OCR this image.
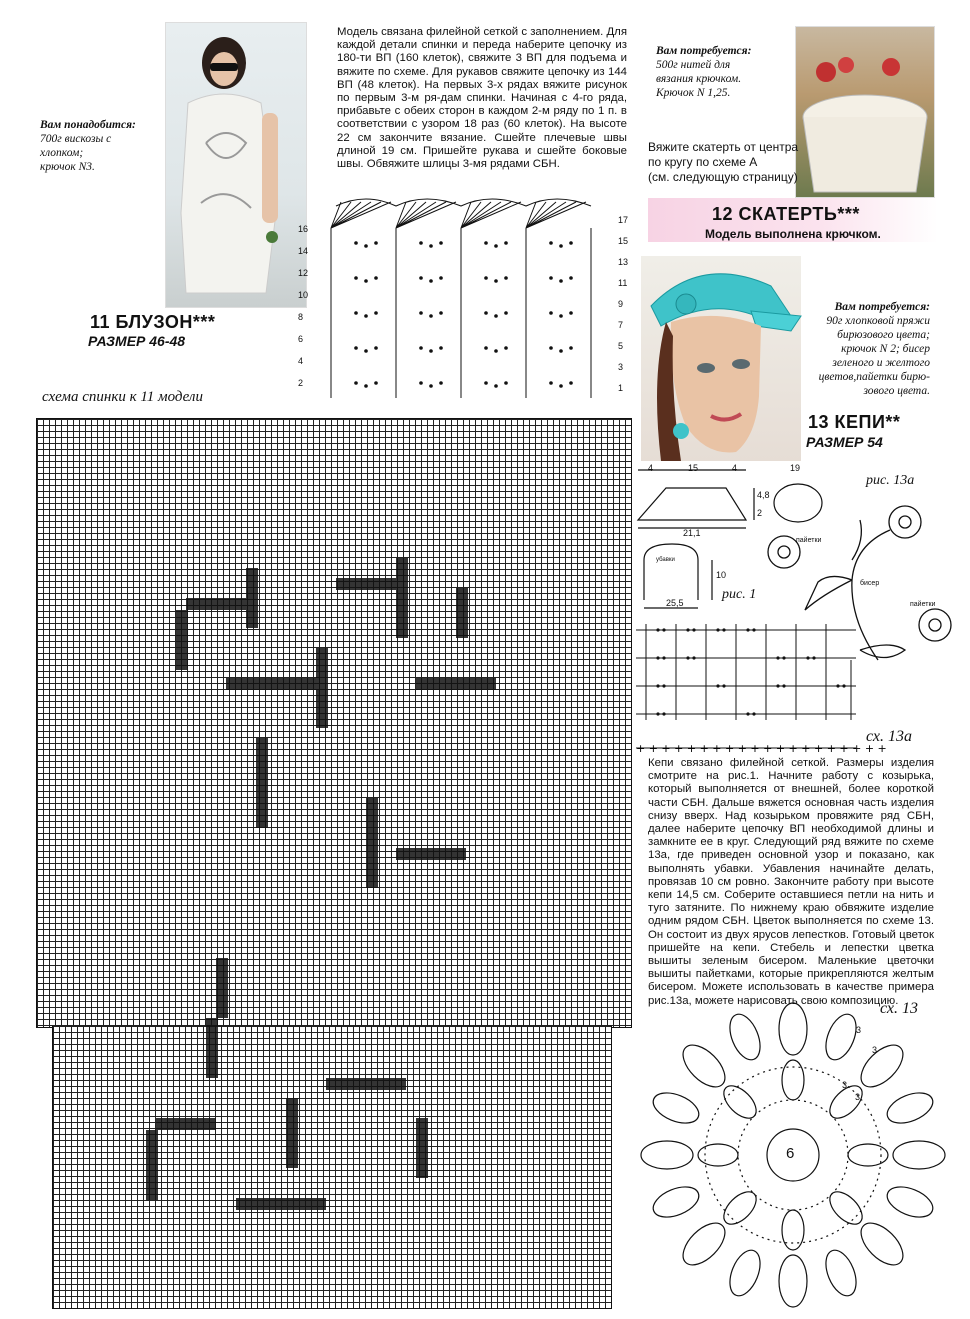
Вам понадобится:
700г вискозы с
хлопком;
крючок N3.
11 БЛУЗОН***
РАЗМЕР 46-48
Модель связана филейной сеткой с заполнением. Для каждой детали спинки и переда наберите цепочку из 180-ти ВП (160 клеток), свяжите 3 ВП для подъема и вяжите по схеме. Для рукавов свяжите цепочку из 144 ВП (48 клеток). На первых 3-х рядах вяжите рисунок по первым 3-м ря-дам спинки. Начиная с 4-го ряда, прибавьте с обеих сторон в каждом 2-м ряду по 1 п. в соответствии с узором 18 раз (60 клеток). На высоте 22 см закончите вязание. Сшейте плечевые швы длиной 19 см. Пришейте рукава и сшейте боковые швы. Обвяжите шлицы 3-мя рядами СБН.
16
14
12
10
8
6
4
2
17
15
13
11
9
7
5
3
1
схема спинки к 11 модели
Вам потребуется:
500г нитей для
вязания крючком.
Крючок N 1,25.
Вяжите скатерть от центра
по кругу по схеме А
(см. следующую страницу)
12 СКАТЕРТЬ***
Модель выполнена крючком.
Вам потребуется:
90г хлопковой пряжи
бирюзового цвета;
крючок N 2; бисер
зеленого и желтого
цветов,пайетки бирю-
зового цвета.
13 КЕПИ**
РАЗМЕР 54
4	15	4	19
4,8
2
21,1
убавки
10
25,5
рис. 13а
рис. 1
пайетки
бисер
пайетки
+ + + + + + + + + + + + + + + + + + + +
сх. 13а
Кепи связано филейной сеткой. Размеры изделия смотрите на рис.1. Начните работу с козырька, который выполняется от внешней, более короткой части СБН. Дальше вяжется основная часть изделия снизу вверх. Над козырьком провяжите ряд СБН, далее наберите цепочку ВП необходимой длины и замкните ее в круг. Следующий ряд вяжите по схеме 13а, где приведен основной узор и показано, как выполнять убавки. Убавления начинайте делать, провязав 10 см ровно. Закончите работу при высоте кепи 14,5 см. Соберите оставшиеся петли на нить и туго затяните. По нижнему краю обвяжите изделие одним рядом СБН. Цветок выполняется по схеме 13. Он состоит из двух ярусов лепестков. Готовый цветок пришейте на кепи. Стебель и лепестки цветка вышиты зеленым бисером. Маленькие цветочки вышиты пайетками, которые прикрепляются желтым бисером. Можете использовать в качестве примера рис.13а, можете нарисовать свою композицию.
сх. 13
6
3
3
3
3
